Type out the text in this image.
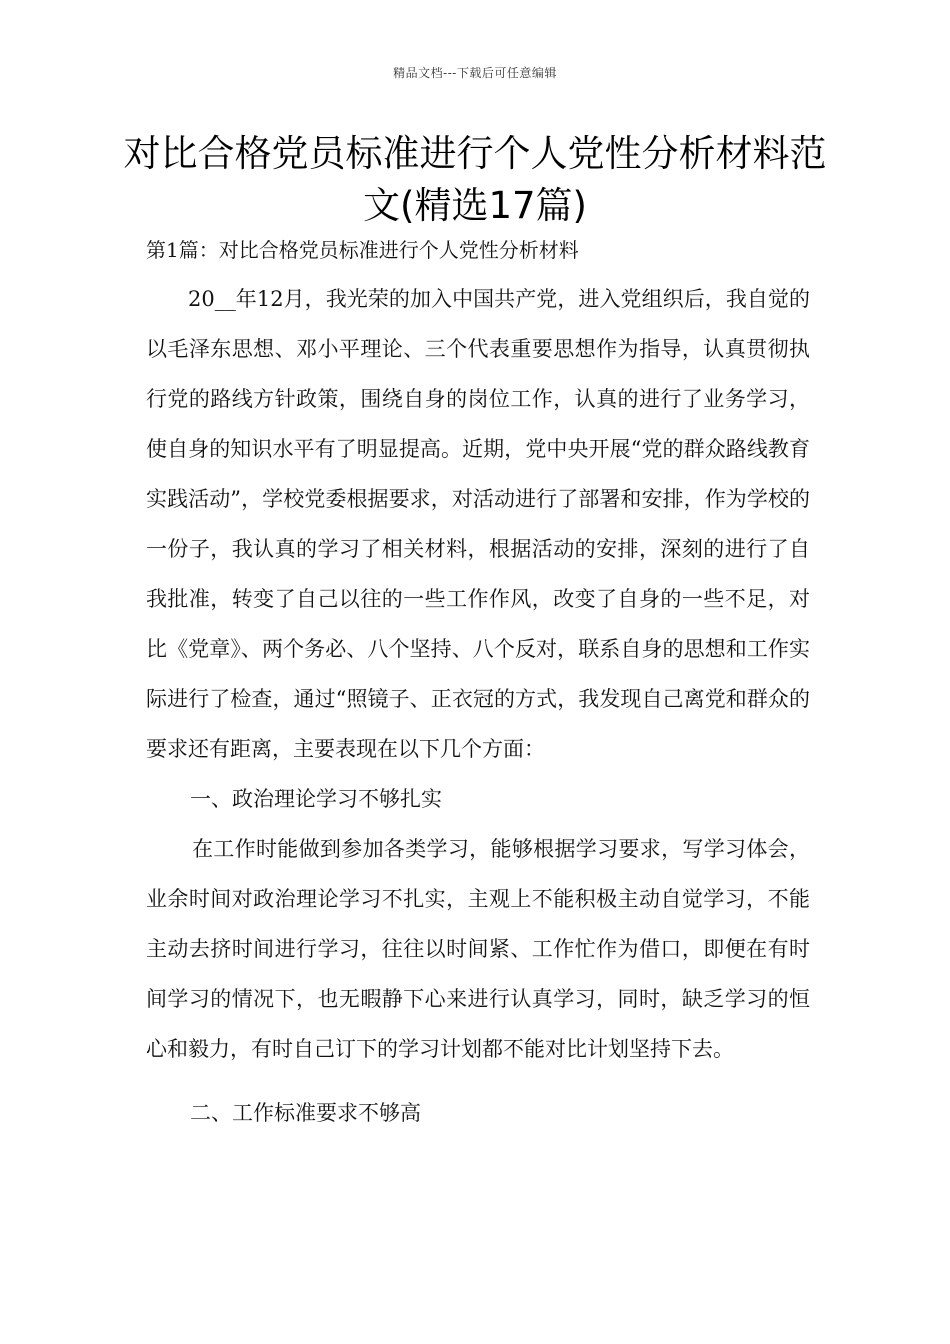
精品文档---下载后可任意编辑
对比合格党员标准进行个人党性分析材料范文(精选17篇)
第1篇：对比合格党员标准进行个人党性分析材料

20__年12月，我光荣的加入中国共产党，进入党组织后，我自觉的以毛泽东思想、邓小平理论、三个代表重要思想作为指导，认真贯彻执行党的路线方针政策，围绕自身的岗位工作，认真的进行了业务学习，使自身的知识水平有了明显提高。近期，党中央开展“党的群众路线教育实践活动”，学校党委根据要求，对活动进行了部署和安排，作为学校的一份子，我认真的学习了相关材料，根据活动的安排，深刻的进行了自我批准，转变了自己以往的一些工作作风，改变了自身的一些不足，对比《党章》、两个务必、八个坚持、八个反对，联系自身的思想和工作实际进行了检查，通过“照镜子、正衣冠的方式，我发现自己离党和群众的要求还有距离，主要表现在以下几个方面：

一、政治理论学习不够扎实

在工作时能做到参加各类学习，能够根据学习要求，写学习体会，业余时间对政治理论学习不扎实，主观上不能积极主动自觉学习，不能主动去挤时间进行学习，往往以时间紧、工作忙作为借口，即便在有时间学习的情况下，也无暇静下心来进行认真学习，同时，缺乏学习的恒心和毅力，有时自己订下的学习计划都不能对比计划坚持下去。

二、工作标准要求不够高
